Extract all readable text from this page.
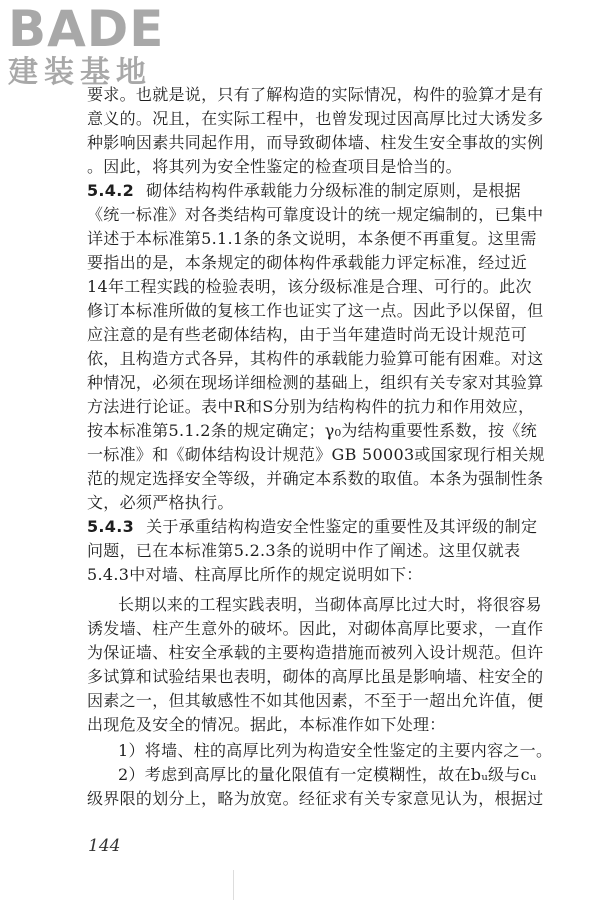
BADE
建装基地
要求。也就是说，只有了解构造的实际情况，构件的验算才是有
意义的。况且，在实际工程中，也曾发现过因高厚比过大诱发多
种影响因素共同起作用，而导致砌体墙、柱发生安全事故的实例
。因此，将其列为安全性鉴定的检查项目是恰当的。
5.4.2 砌体结构构件承载能力分级标准的制定原则，是根据
《统一标准》对各类结构可靠度设计的统一规定编制的，已集中
详述于本标准第5.1.1条的条文说明，本条便不再重复。这里需
要指出的是，本条规定的砌体构件承载能力评定标准，经过近
14年工程实践的检验表明，该分级标准是合理、可行的。此次
修订本标准所做的复核工作也证实了这一点。因此予以保留，但
应注意的是有些老砌体结构，由于当年建造时尚无设计规范可
依，且构造方式各异，其构件的承载能力验算可能有困难。对这
种情况，必须在现场详细检测的基础上，组织有关专家对其验算
方法进行论证。表中R和S分别为结构构件的抗力和作用效应，
按本标准第5.1.2条的规定确定；γ₀为结构重要性系数，按《统
一标准》和《砌体结构设计规范》GB 50003或国家现行相关规
范的规定选择安全等级，并确定本系数的取值。本条为强制性条
文，必须严格执行。
5.4.3 关于承重结构构造安全性鉴定的重要性及其评级的制定
问题，已在本标准第5.2.3条的说明中作了阐述。这里仅就表
5.4.3中对墙、柱高厚比所作的规定说明如下：
长期以来的工程实践表明，当砌体高厚比过大时，将很容易
诱发墙、柱产生意外的破坏。因此，对砌体高厚比要求，一直作
为保证墙、柱安全承载的主要构造措施而被列入设计规范。但许
多试算和试验结果也表明，砌体的高厚比虽是影响墙、柱安全的
因素之一，但其敏感性不如其他因素，不至于一超出允许值，便
出现危及安全的情况。据此，本标准作如下处理：
1）将墙、柱的高厚比列为构造安全性鉴定的主要内容之一。
2）考虑到高厚比的量化限值有一定模糊性，故在bᵤ级与cᵤ
级界限的划分上，略为放宽。经征求有关专家意见认为，根据过
144
